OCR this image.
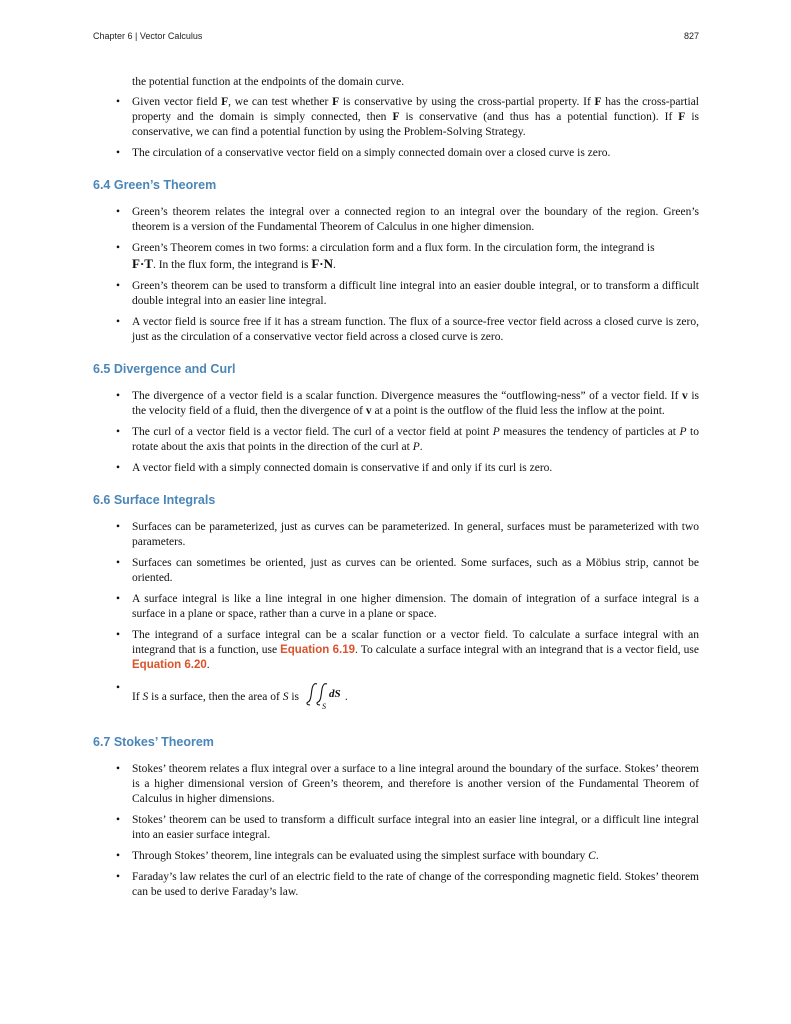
Chapter 6 | Vector Calculus	827

the potential function at the endpoints of the domain curve.

• Given vector field F, we can test whether F is conservative by using the cross-partial property. If F has the cross-partial property and the domain is simply connected, then F is conservative (and thus has a potential function). If F is conservative, we can find a potential function by using the Problem-Solving Strategy.
• The circulation of a conservative vector field on a simply connected domain over a closed curve is zero.
6.4 Green’s Theorem
• Green’s theorem relates the integral over a connected region to an integral over the boundary of the region. Green’s theorem is a version of the Fundamental Theorem of Calculus in one higher dimension.
• Green’s Theorem comes in two forms: a circulation form and a flux form. In the circulation form, the integrand is
F·T. In the flux form, the integrand is F·N.
• Green’s theorem can be used to transform a difficult line integral into an easier double integral, or to transform a difficult double integral into an easier line integral.
• A vector field is source free if it has a stream function. The flux of a source-free vector field across a closed curve is zero, just as the circulation of a conservative vector field across a closed curve is zero.
6.5 Divergence and Curl
• The divergence of a vector field is a scalar function. Divergence measures the “outflowing-ness” of a vector field. If v is the velocity field of a fluid, then the divergence of v at a point is the outflow of the fluid less the inflow at the point.
• The curl of a vector field is a vector field. The curl of a vector field at point P measures the tendency of particles at P to rotate about the axis that points in the direction of the curl at P.
• A vector field with a simply connected domain is conservative if and only if its curl is zero.
6.6 Surface Integrals
• Surfaces can be parameterized, just as curves can be parameterized. In general, surfaces must be parameterized with two parameters.
• Surfaces can sometimes be oriented, just as curves can be oriented. Some surfaces, such as a Möbius strip, cannot be oriented.
• A surface integral is like a line integral in one higher dimension. The domain of integration of a surface integral is a surface in a plane or space, rather than a curve in a plane or space.
• The integrand of a surface integral can be a scalar function or a vector field. To calculate a surface integral with an integrand that is a function, use Equation 6.19. To calculate a surface integral with an integrand that is a vector field, use Equation 6.20.
•
If S is a surface, then the area of S is
S
dS .
6.7 Stokes’ Theorem
• Stokes’ theorem relates a flux integral over a surface to a line integral around the boundary of the surface. Stokes’ theorem is a higher dimensional version of Green’s theorem, and therefore is another version of the Fundamental Theorem of Calculus in higher dimensions.
• Stokes’ theorem can be used to transform a difficult surface integral into an easier line integral, or a difficult line integral into an easier surface integral.
• Through Stokes’ theorem, line integrals can be evaluated using the simplest surface with boundary C.
• Faraday’s law relates the curl of an electric field to the rate of change of the corresponding magnetic field. Stokes’ theorem can be used to derive Faraday’s law.
